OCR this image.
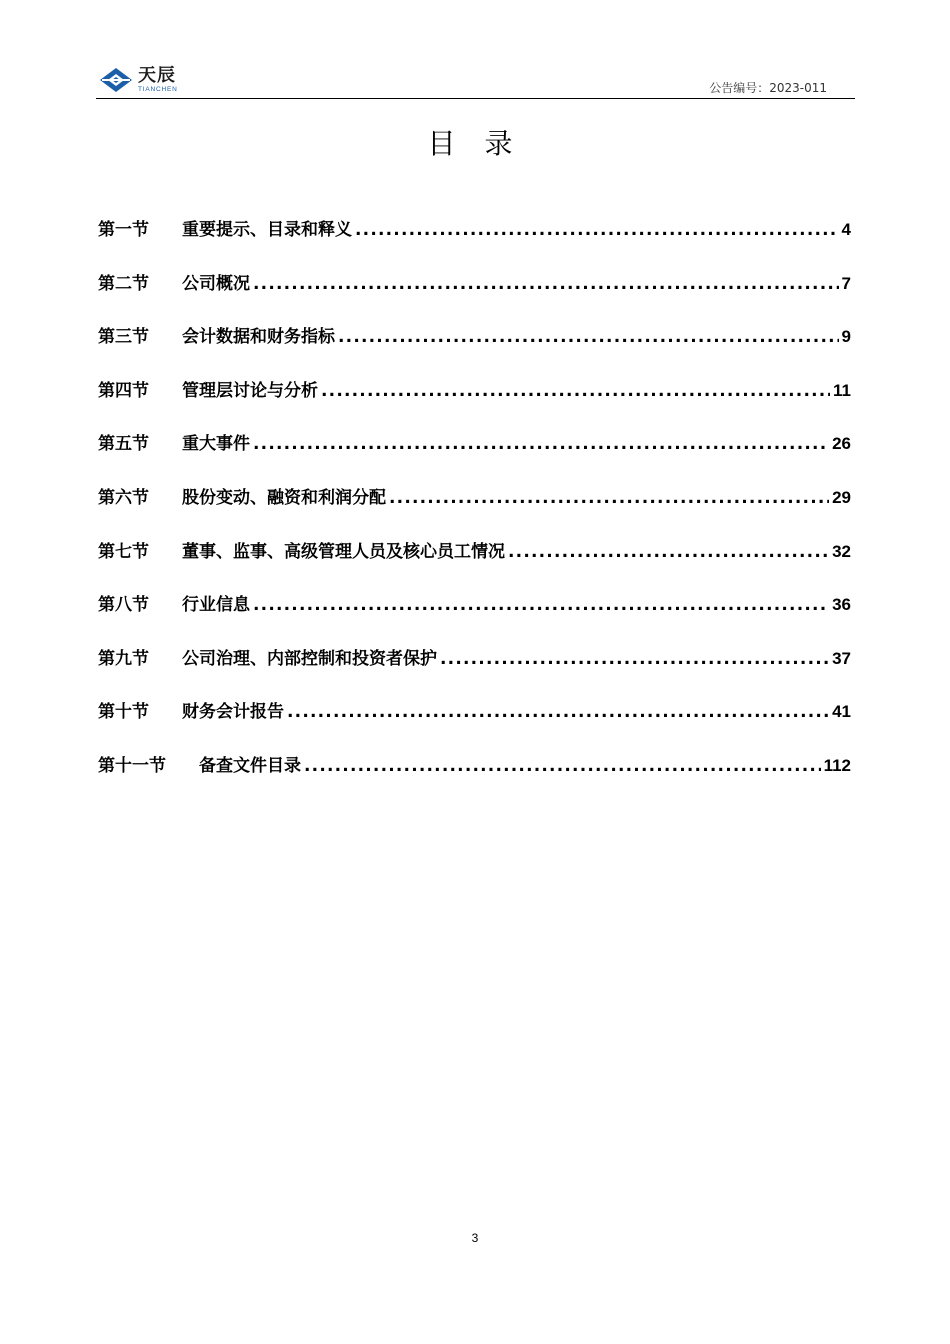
天辰
TIANCHEN	公告编号：2023-011
目 录
第一节	重要提示、目录和释义 .....	4
第二节	公司概况 .....	7
第三节	会计数据和财务指标 .....	9
第四节	管理层讨论与分析 .....	11
第五节	重大事件 .....	26
第六节	股份变动、融资和利润分配 .....	29
第七节	董事、监事、高级管理人员及核心员工情况 .....	32
第八节	行业信息 .....	36
第九节	公司治理、内部控制和投资者保护 .....	37
第十节	财务会计报告 .....	41
第十一节	备查文件目录 .....	112
3
